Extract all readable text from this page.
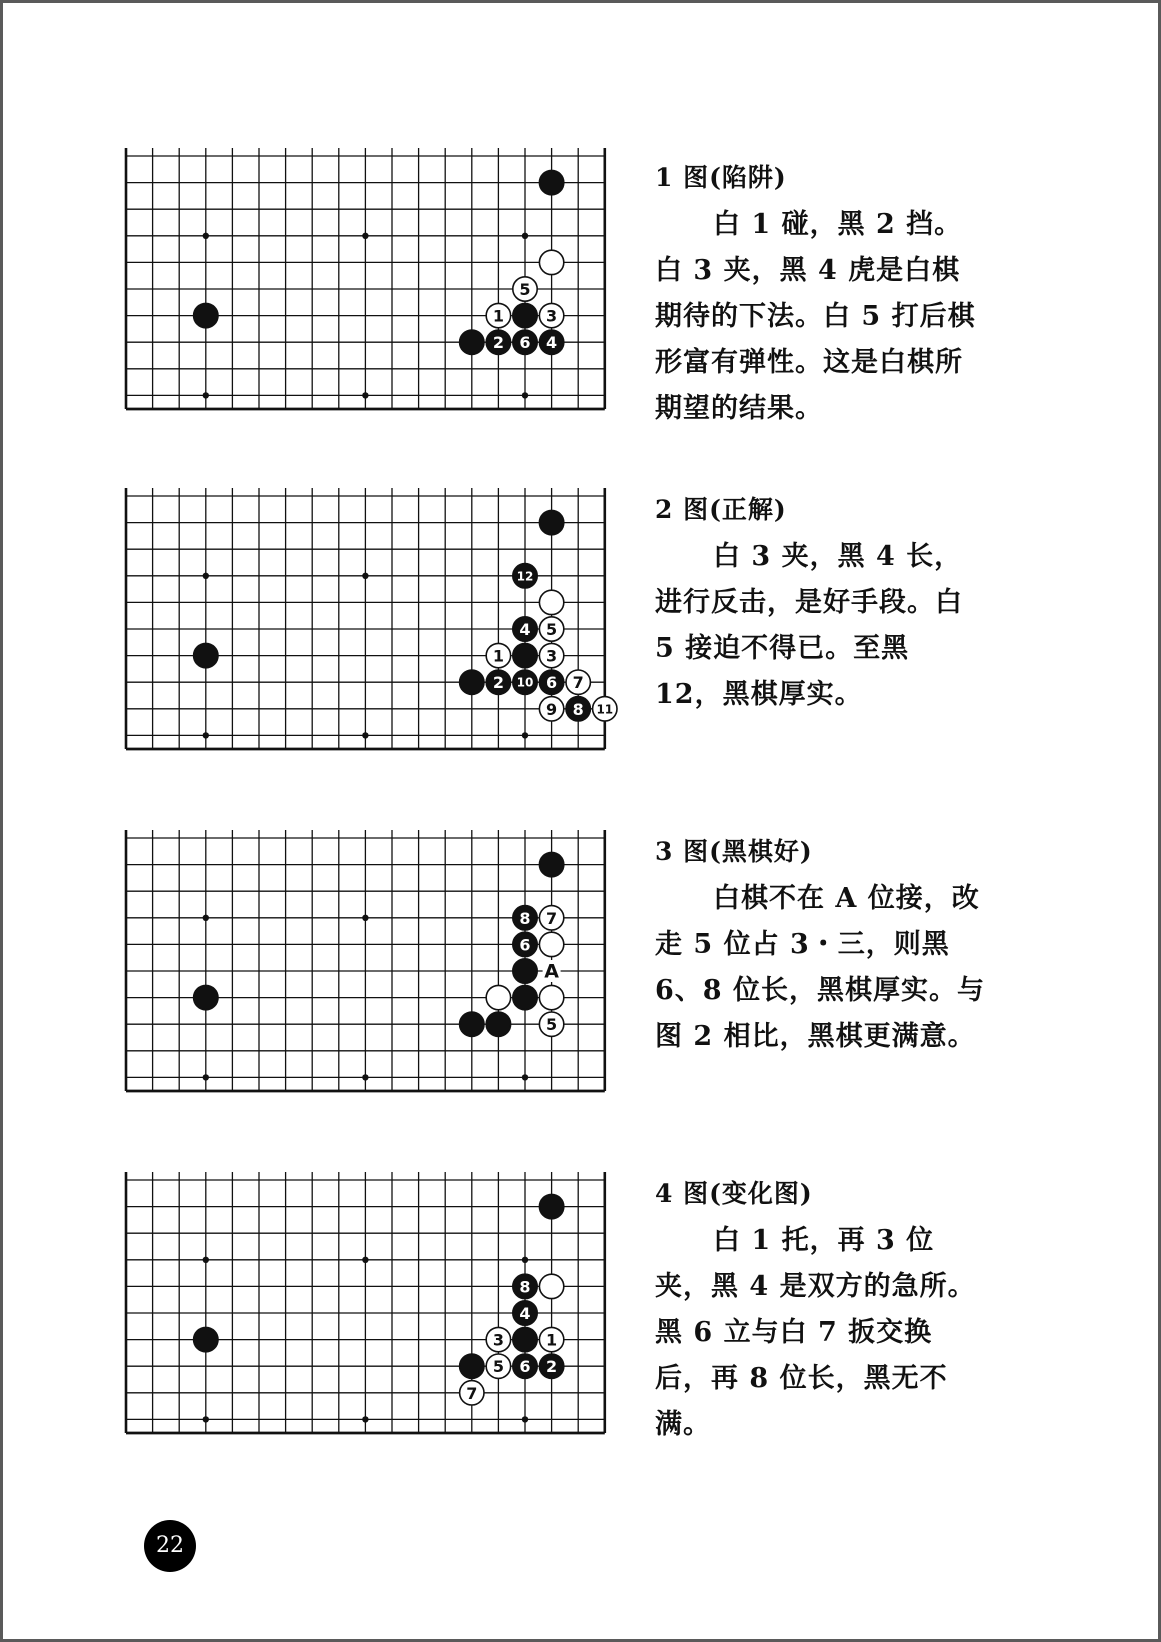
5
1	3
2 6 4

1 图(陷阱)

白 1 碰，黑 2 挡。白 3 夹，黑 4 虎是白棋期待的下法。白 5 打后棋形富有弹性。这是白棋所期望的结果。

12
4 5
1	3
2 10 6 7
9 8 11

2 图(正解)

白 3 夹，黑 4 长，进行反击，是好手段。白 5 接迫不得已。至黑 12，黑棋厚实。

8 7
6
A
5

3 图(黑棋好)

白棋不在 A 位接，改走 5 位占 3・三，则黑 6、8 位长，黑棋厚实。与图 2 相比，黑棋更满意。

8
4
3	1
5 6 2
7

4 图(变化图)

白 1 托，再 3 位夹，黑 4 是双方的急所。黑 6 立与白 7 扳交换后，再 8 位长，黑无不满。

22
